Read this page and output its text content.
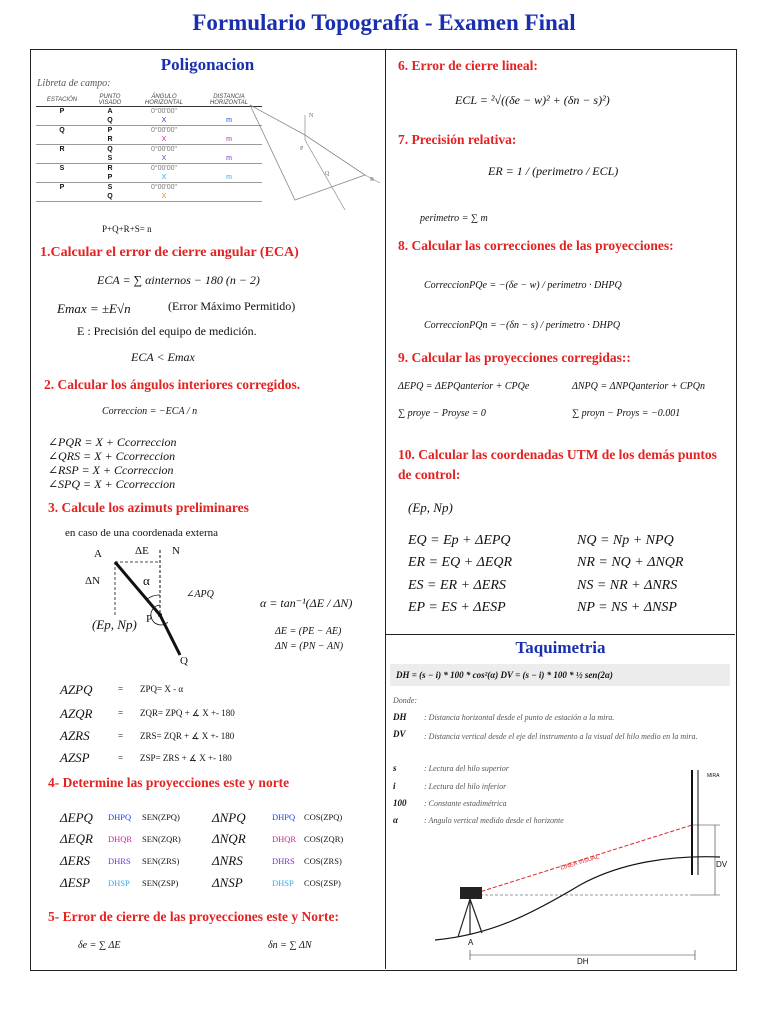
Formulario Topografía - Examen Final
Poligonacion
Libreta de campo:
ESTACIÓN	PUNTO VISADO	ÁNGULO HORIZONTAL	DISTANCIA HORIZONTAL
P	A	0°00'00"	
	Q	X	m
Q	P	0°00'00"	
	R	X	m
R	Q	0°00'00"	
	S	X	m
S	R	0°00'00"	
	P	X	m
P	S	0°00'00"	
	Q	X	
N
P
Q
R
P+Q+R+S= n
1.Calcular el error de cierre angular (ECA)
ECA = ∑ αinternos − 180 (n − 2)
Emax = ±E√n	(Error Máximo Permitido)
E : Precisión del equipo de medición.
ECA < Emax
2. Calcular los ángulos interiores corregidos.
Correccion = −ECA / n
∠PQR = X + Ccorreccion
∠QRS = X + Ccorreccion
∠RSP = X + Ccorreccion
∠SPQ = X + Ccorreccion
3. Calcule los azimuts preliminares
en caso de una coordenada externa
A	ΔE N
ΔN	α
∠APQ
(Ep, Np) P
Q
α = tan⁻¹(ΔE / ΔN)
ΔE = (PE − AE)
ΔN = (PN − AN)
AZPQ	= ZPQ= X - α
AZQR	= ZQR= ZPQ + ∡ X +- 180
AZRS	= ZRS= ZQR + ∡ X +- 180
AZSP	= ZSP= ZRS + ∡ X +- 180
4- Determine las proyecciones este y norte
ΔEPQ DHPQ SEN(ZPQ) ΔNPQ	DHPQ COS(ZPQ)
ΔEQR DHQR SEN(ZQR) ΔNQR	DHQR COS(ZQR)
ΔERS DHRS SEN(ZRS)	ΔNRS	DHRS COS(ZRS)
ΔESP DHSP SEN(ZSP)	ΔNSP	DHSP COS(ZSP)
5- Error de cierre de las proyecciones este y Norte:
δe = ∑ ΔE	δn = ∑ ΔN
6. Error de cierre lineal:
ECL = ²√((δe − w)² + (δn − s)²)
7. Precisión relativa:
ER = 1 / (perimetro / ECL)
perimetro = ∑ m
8. Calcular las correcciones de las proyecciones:
CorreccionPQe = −(δe − w) / perimetro · DHPQ
CorreccionPQn = −(δn − s) / perimetro · DHPQ
9. Calcular las proyecciones corregidas::
ΔEPQ = ΔEPQanterior + CPQe	ΔNPQ = ΔNPQanterior + CPQn
∑ proye − Proyse = 0	∑ proyn − Proys = −0.001
10. Calcular las coordenadas UTM de los demás puntos de control:
(Ep, Np)
EQ = Ep + ΔEPQ
ER = EQ + ΔEQR
ES = ER + ΔERS
EP = ES + ΔESP
NQ = Np + NPQ
NR = NQ + ΔNQR
NS = NR + ΔNRS
NP = NS + ΔNSP
Taquimetria
DH = (s − i) * 100 * cos²(α) DV = (s − i) * 100 * ½ sen(2α)
Donde:
DH : Distancia horizontal desde el punto de estación a la mira.
DV : Distancia vertical desde el eje del instrumento a la visual del hilo medio en la mira.
s	: Lectura del hilo superior
i	: Lectura del hilo inferior
100 : Constante estadimétrica
α	: Angulo vertical medido desde el horizonte
MIRA
LINEA VISUAL	DV
DH
A
